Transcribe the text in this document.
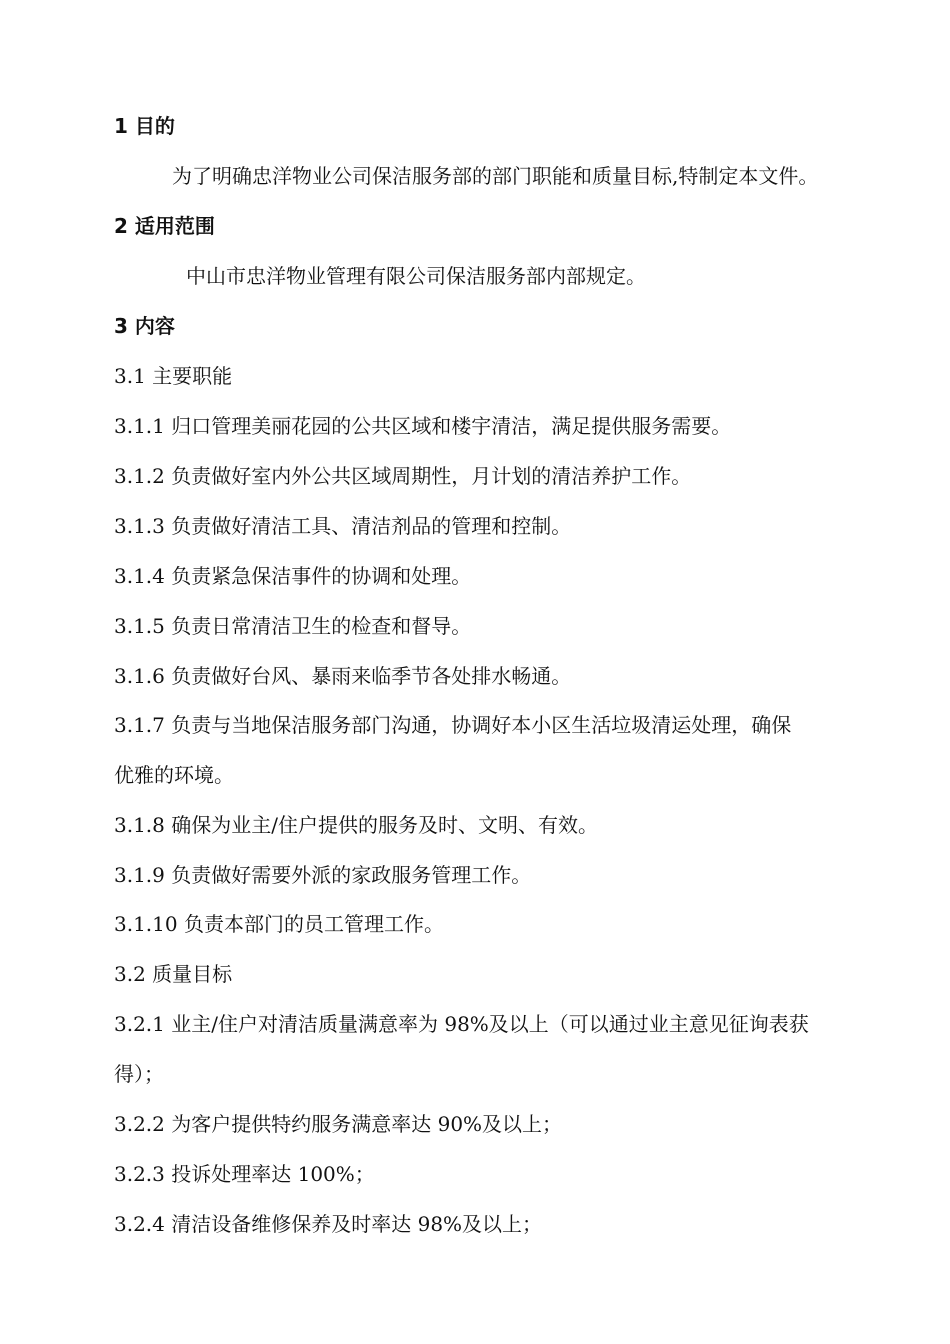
1 目的
为了明确忠洋物业公司保洁服务部的部门职能和质量目标,特制定本文件。
2 适用范围
中山市忠洋物业管理有限公司保洁服务部内部规定。
3 内容
3.1 主要职能
3.1.1 归口管理美丽花园的公共区域和楼宇清洁，满足提供服务需要。
3.1.2 负责做好室内外公共区域周期性，月计划的清洁养护工作。
3.1.3 负责做好清洁工具、清洁剂品的管理和控制。
3.1.4 负责紧急保洁事件的协调和处理。
3.1.5 负责日常清洁卫生的检查和督导。
3.1.6 负责做好台风、暴雨来临季节各处排水畅通。
3.1.7 负责与当地保洁服务部门沟通，协调好本小区生活垃圾清运处理，确保
优雅的环境。
3.1.8 确保为业主/住户提供的服务及时、文明、有效。
3.1.9 负责做好需要外派的家政服务管理工作。
3.1.10 负责本部门的员工管理工作。
3.2 质量目标
3.2.1 业主/住户对清洁质量满意率为 98%及以上（可以通过业主意见征询表获
得）；
3.2.2 为客户提供特约服务满意率达 90%及以上；
3.2.3 投诉处理率达 100%；
3.2.4 清洁设备维修保养及时率达 98%及以上；
